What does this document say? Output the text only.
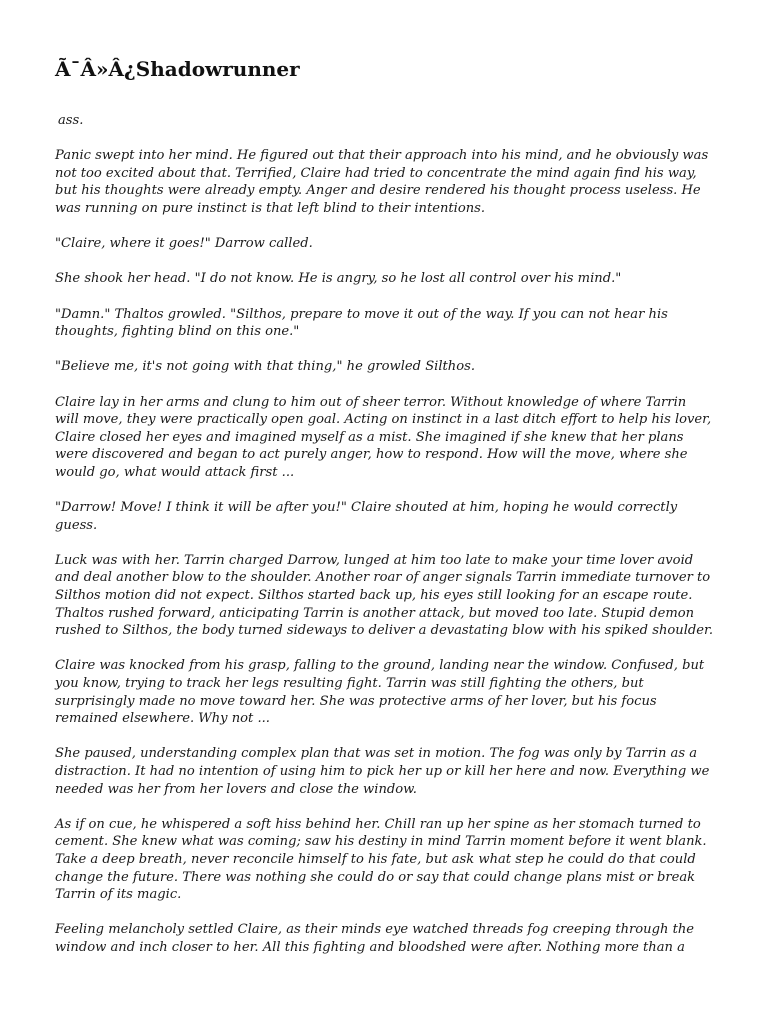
Ã¯Â»Â¿Shadowrunner

ass.

Panic swept into her mind. He figured out that their approach into his mind, and he obviously was not too excited about that. Terrified, Claire had tried to concentrate the mind again find his way, but his thoughts were already empty. Anger and desire rendered his thought process useless. He was running on pure instinct is that left blind to their intentions.

"Claire, where it goes!" Darrow called.

She shook her head. "I do not know. He is angry, so he lost all control over his mind."

"Damn." Thaltos growled. "Silthos, prepare to move it out of the way. If you can not hear his thoughts, fighting blind on this one."

"Believe me, it's not going with that thing," he growled Silthos.

Claire lay in her arms and clung to him out of sheer terror. Without knowledge of where Tarrin will move, they were practically open goal. Acting on instinct in a last ditch effort to help his lover, Claire closed her eyes and imagined myself as a mist. She imagined if she knew that her plans were discovered and began to act purely anger, how to respond. How will the move, where she would go, what would attack first ...

"Darrow! Move! I think it will be after you!" Claire shouted at him, hoping he would correctly guess.

Luck was with her. Tarrin charged Darrow, lunged at him too late to make your time lover avoid and deal another blow to the shoulder. Another roar of anger signals Tarrin immediate turnover to Silthos motion did not expect. Silthos started back up, his eyes still looking for an escape route. Thaltos rushed forward, anticipating Tarrin is another attack, but moved too late. Stupid demon rushed to Silthos, the body turned sideways to deliver a devastating blow with his spiked shoulder.

Claire was knocked from his grasp, falling to the ground, landing near the window. Confused, but you know, trying to track her legs resulting fight. Tarrin was still fighting the others, but surprisingly made no move toward her. She was protective arms of her lover, but his focus remained elsewhere. Why not ...

She paused, understanding complex plan that was set in motion. The fog was only by Tarrin as a distraction. It had no intention of using him to pick her up or kill her here and now. Everything we needed was her from her lovers and close the window.

As if on cue, he whispered a soft hiss behind her. Chill ran up her spine as her stomach turned to cement. She knew what was coming; saw his destiny in mind Tarrin moment before it went blank. Take a deep breath, never reconcile himself to his fate, but ask what step he could do that could change the future. There was nothing she could do or say that could change plans mist or break Tarrin of its magic.

Feeling melancholy settled Claire, as their minds eye watched threads fog creeping through the window and inch closer to her. All this fighting and bloodshed were after. Nothing more than a
